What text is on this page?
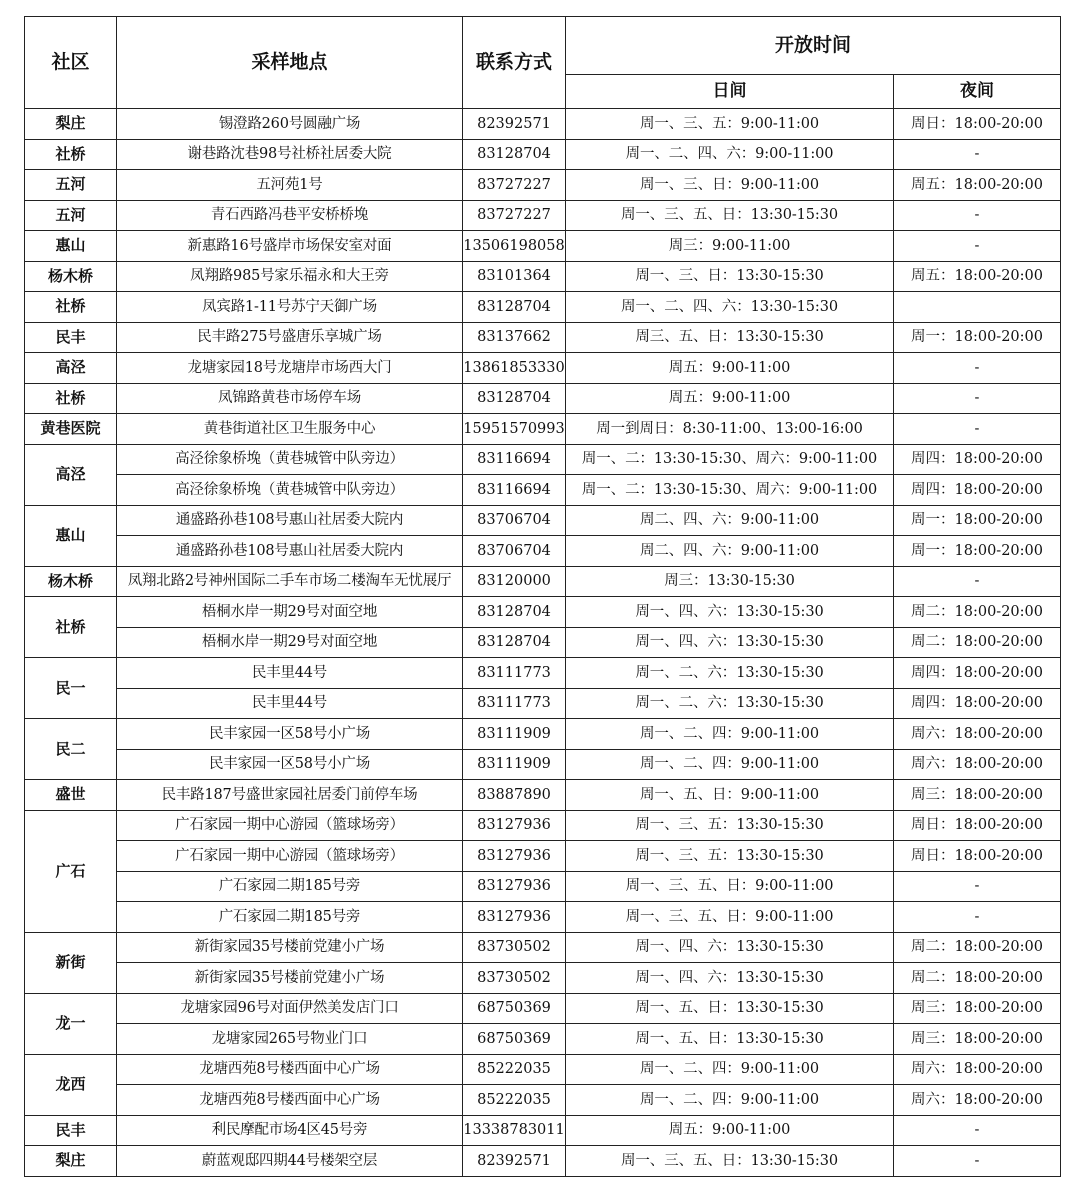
社区	采样地点	联系方式	开放时间	
			日间	夜间
梨庄	锡澄路260号圆融广场	82392571	周一、三、五：9:00-11:00	周日：18:00-20:00
社桥	谢巷路沈巷98号社桥社居委大院	83128704	周一、二、四、六：9:00-11:00	-
五河	五河苑1号	83727227	周一、三、日：9:00-11:00	周五：18:00-20:00
五河	青石西路冯巷平安桥桥堍	83727227	周一、三、五、日：13:30-15:30	-
惠山	新惠路16号盛岸市场保安室对面	13506198058	周三：9:00-11:00	-
杨木桥	凤翔路985号家乐福永和大王旁	83101364	周一、三、日：13:30-15:30	周五：18:00-20:00
社桥	凤宾路1-11号苏宁天御广场	83128704	周一、二、四、六：13:30-15:30	
民丰	民丰路275号盛唐乐享城广场	83137662	周三、五、日：13:30-15:30	周一：18:00-20:00
高泾	龙塘家园18号龙塘岸市场西大门	13861853330	周五：9:00-11:00	-
社桥	凤锦路黄巷市场停车场	83128704	周五：9:00-11:00	-
黄巷医院	黄巷街道社区卫生服务中心	15951570993	周一到周日：8:30-11:00、13:00-16:00	-
高泾	高泾徐象桥堍（黄巷城管中队旁边）	83116694	周一、二：13:30-15:30、周六：9:00-11:00	周四：18:00-20:00
	高泾徐象桥堍（黄巷城管中队旁边）	83116694	周一、二：13:30-15:30、周六：9:00-11:00	周四：18:00-20:00
惠山	通盛路孙巷108号惠山社居委大院内	83706704	周二、四、六：9:00-11:00	周一：18:00-20:00
	通盛路孙巷108号惠山社居委大院内	83706704	周二、四、六：9:00-11:00	周一：18:00-20:00
杨木桥	凤翔北路2号神州国际二手车市场二楼淘车无忧展厅	83120000	周三：13:30-15:30	-
社桥	梧桐水岸一期29号对面空地	83128704	周一、四、六：13:30-15:30	周二：18:00-20:00
	梧桐水岸一期29号对面空地	83128704	周一、四、六：13:30-15:30	周二：18:00-20:00
民一	民丰里44号	83111773	周一、二、六：13:30-15:30	周四：18:00-20:00
	民丰里44号	83111773	周一、二、六：13:30-15:30	周四：18:00-20:00
民二	民丰家园一区58号小广场	83111909	周一、二、四：9:00-11:00	周六：18:00-20:00
	民丰家园一区58号小广场	83111909	周一、二、四：9:00-11:00	周六：18:00-20:00
盛世	民丰路187号盛世家园社居委门前停车场	83887890	周一、五、日：9:00-11:00	周三：18:00-20:00
广石	广石家园一期中心游园（篮球场旁）	83127936	周一、三、五：13:30-15:30	周日：18:00-20:00
	广石家园一期中心游园（篮球场旁）	83127936	周一、三、五：13:30-15:30	周日：18:00-20:00
	广石家园二期185号旁	83127936	周一、三、五、日：9:00-11:00	-
	广石家园二期185号旁	83127936	周一、三、五、日：9:00-11:00	-
新街	新街家园35号楼前党建小广场	83730502	周一、四、六：13:30-15:30	周二：18:00-20:00
	新街家园35号楼前党建小广场	83730502	周一、四、六：13:30-15:30	周二：18:00-20:00
龙一	龙塘家园96号对面伊然美发店门口	68750369	周一、五、日：13:30-15:30	周三：18:00-20:00
	龙塘家园265号物业门口	68750369	周一、五、日：13:30-15:30	周三：18:00-20:00
龙西	龙塘西苑8号楼西面中心广场	85222035	周一、二、四：9:00-11:00	周六：18:00-20:00
	龙塘西苑8号楼西面中心广场	85222035	周一、二、四：9:00-11:00	周六：18:00-20:00
民丰	利民摩配市场4区45号旁	13338783011	周五：9:00-11:00	-
梨庄	蔚蓝观邸四期44号楼架空层	82392571	周一、三、五、日：13:30-15:30	-
